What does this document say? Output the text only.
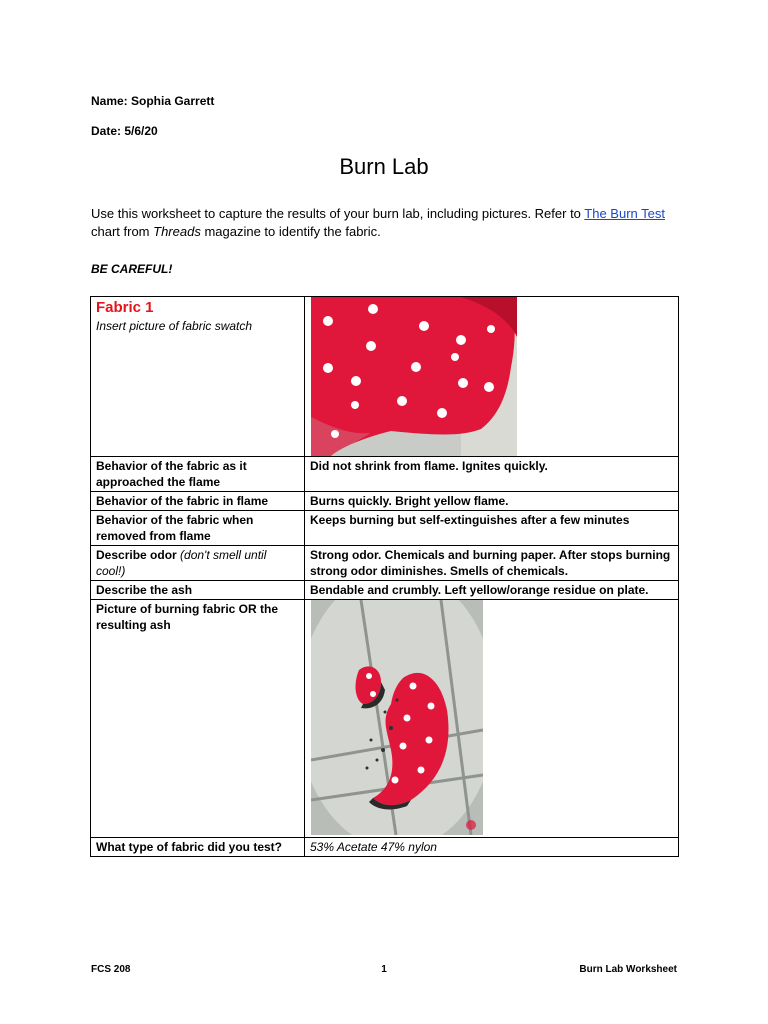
Name: Sophia Garrett
Date: 5/6/20
Burn Lab
Use this worksheet to capture the results of your burn lab, including pictures. Refer to The Burn Test chart from Threads magazine to identify the fabric.
BE CAREFUL!
Fabric 1
Insert picture of fabric swatch

Behavior of the fabric as it approached the flame	Did not shrink from flame. Ignites quickly.
Behavior of the fabric in flame	Burns quickly. Bright yellow flame.
Behavior of the fabric when removed from flame	Keeps burning but self-extinguishes after a few minutes
Describe odor (don't smell until cool!)	Strong odor. Chemicals and burning paper. After stops burning strong odor diminishes. Smells of chemicals.
Describe the ash	Bendable and crumbly. Left yellow/orange residue on plate.
Picture of burning fabric OR the resulting ash	

What type of fabric did you test?	53% Acetate 47% nylon
FCS 208	1	Burn Lab Worksheet
